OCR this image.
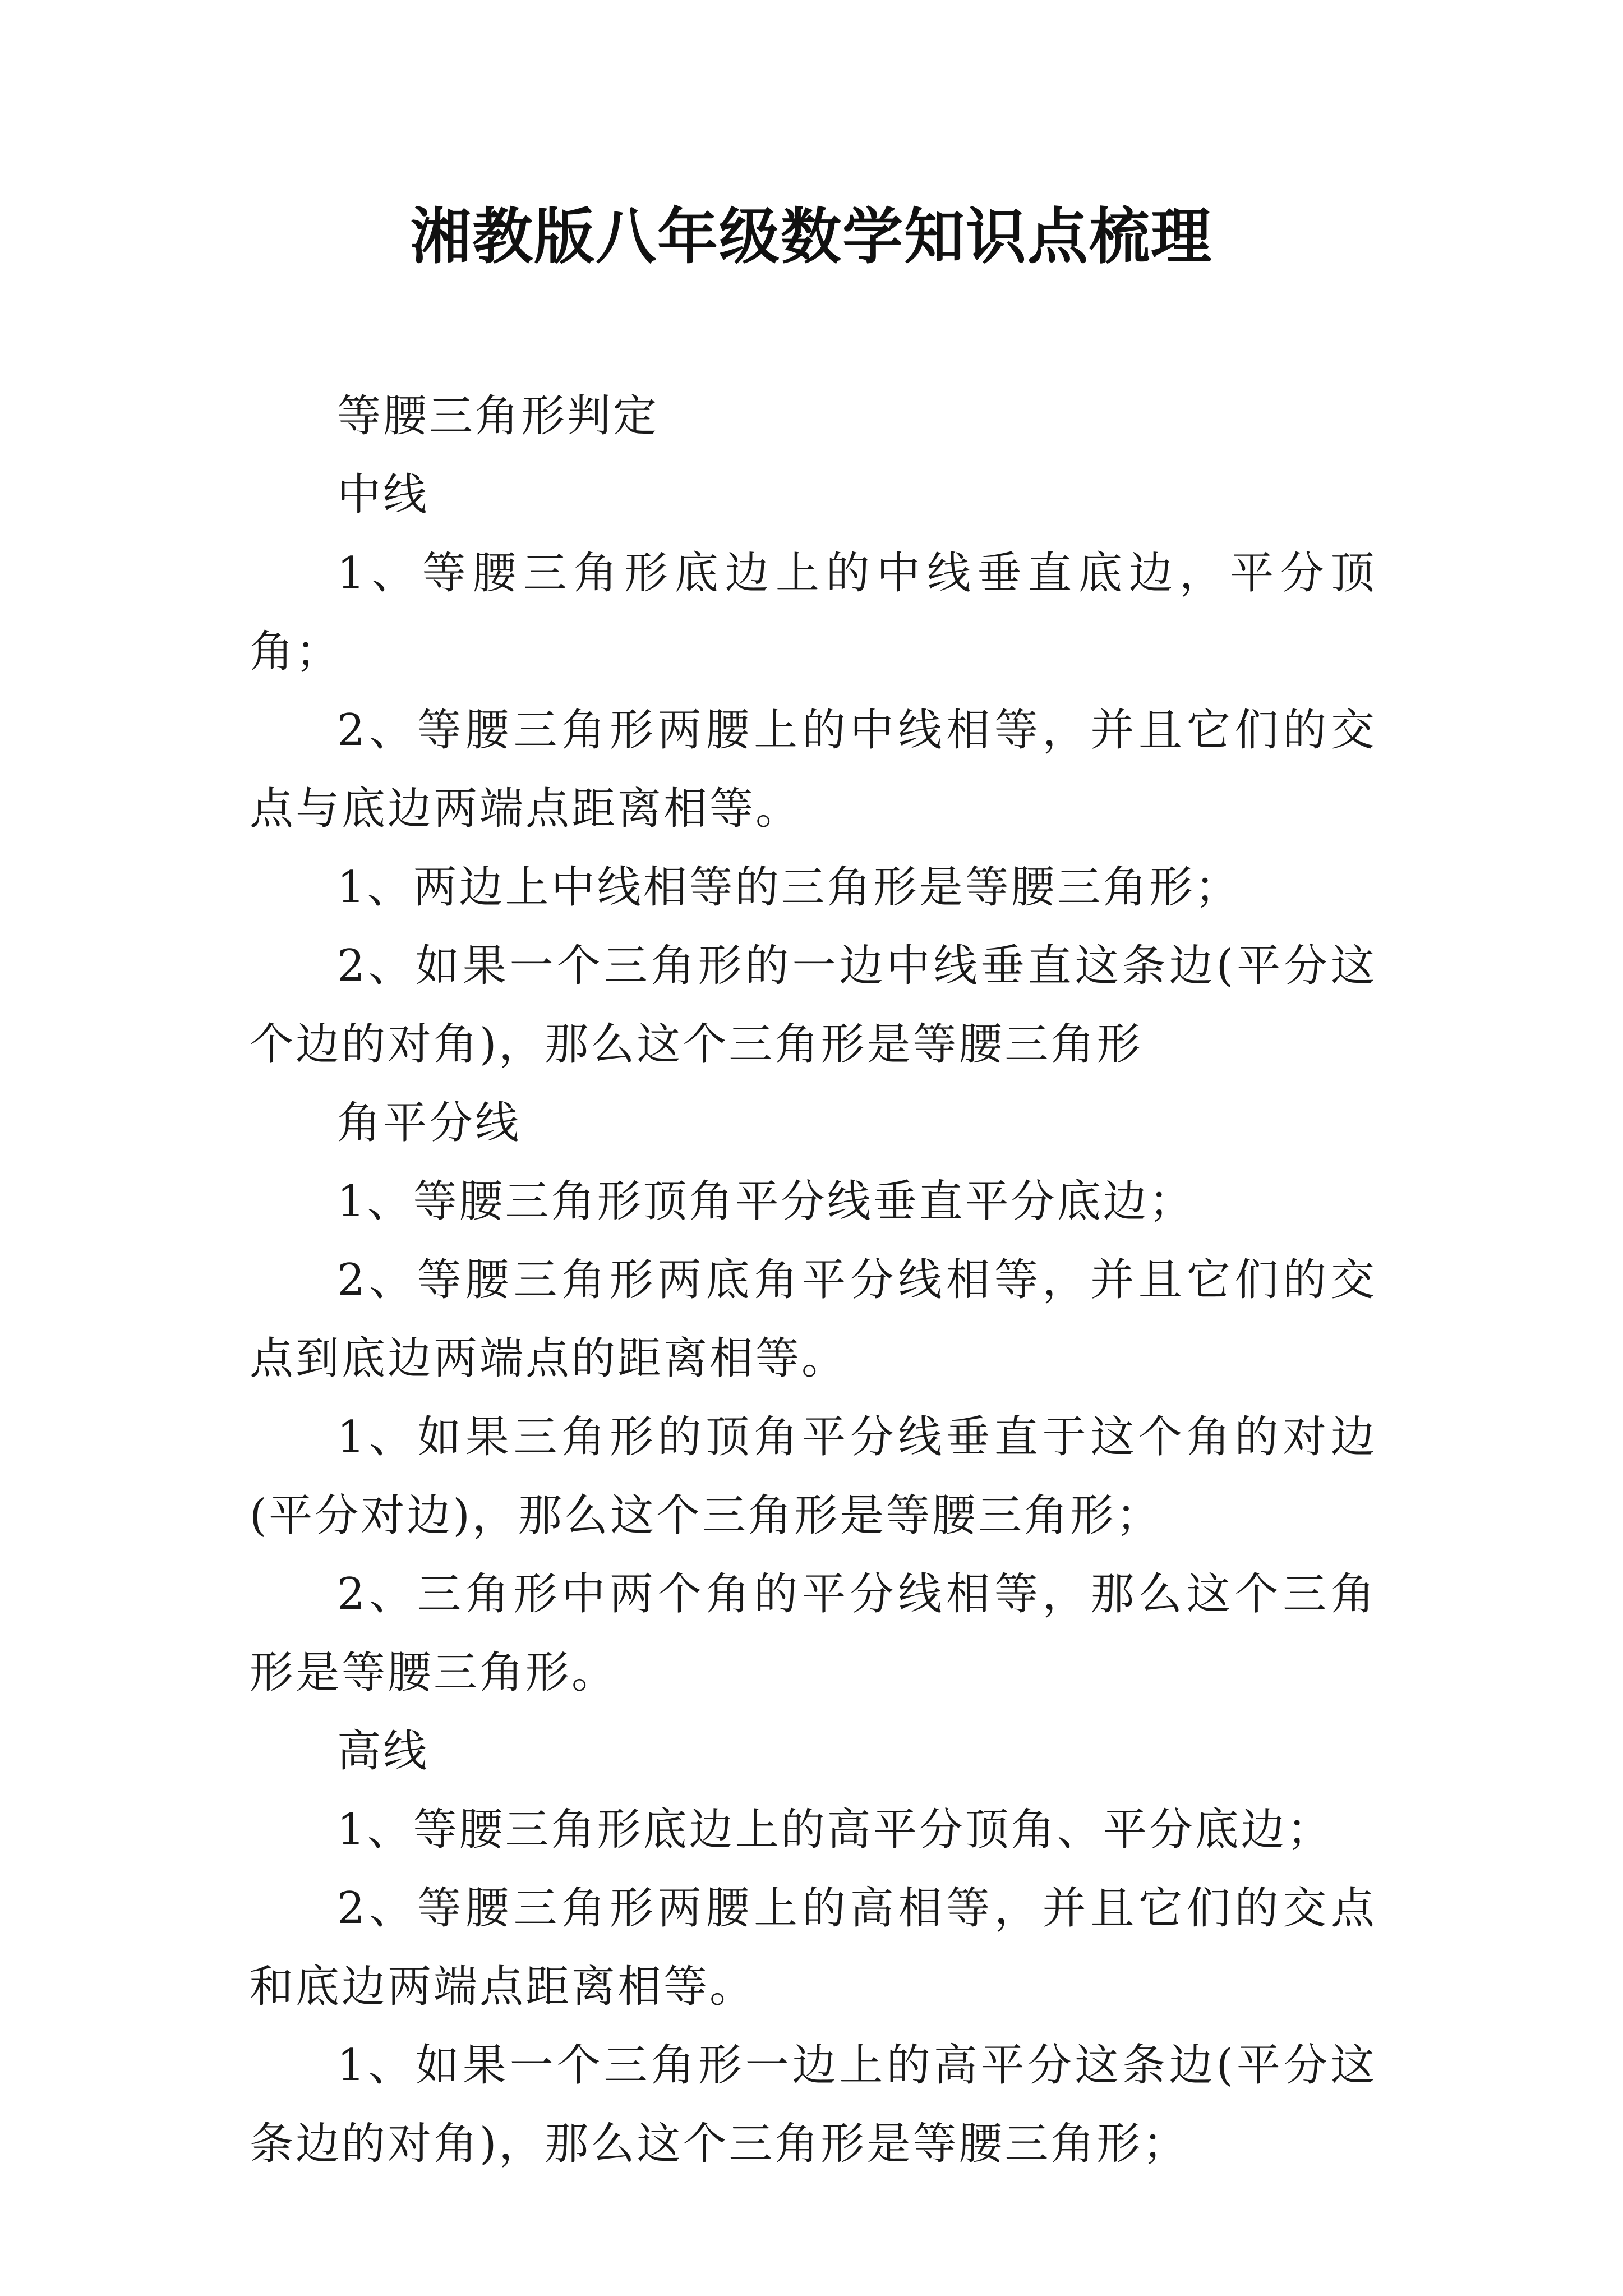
湘教版八年级数学知识点梳理

等腰三角形判定

中线

1、等腰三角形底边上的中线垂直底边，平分顶角；

2、等腰三角形两腰上的中线相等，并且它们的交点与底边两端点距离相等。

1、两边上中线相等的三角形是等腰三角形；

2、如果一个三角形的一边中线垂直这条边(平分这个边的对角)，那么这个三角形是等腰三角形

角平分线

1、等腰三角形顶角平分线垂直平分底边；

2、等腰三角形两底角平分线相等，并且它们的交点到底边两端点的距离相等。

1、如果三角形的顶角平分线垂直于这个角的对边(平分对边)，那么这个三角形是等腰三角形；

2、三角形中两个角的平分线相等，那么这个三角形是等腰三角形。

高线

1、等腰三角形底边上的高平分顶角、平分底边；

2、等腰三角形两腰上的高相等，并且它们的交点和底边两端点距离相等。

1、如果一个三角形一边上的高平分这条边(平分这条边的对角)，那么这个三角形是等腰三角形；
